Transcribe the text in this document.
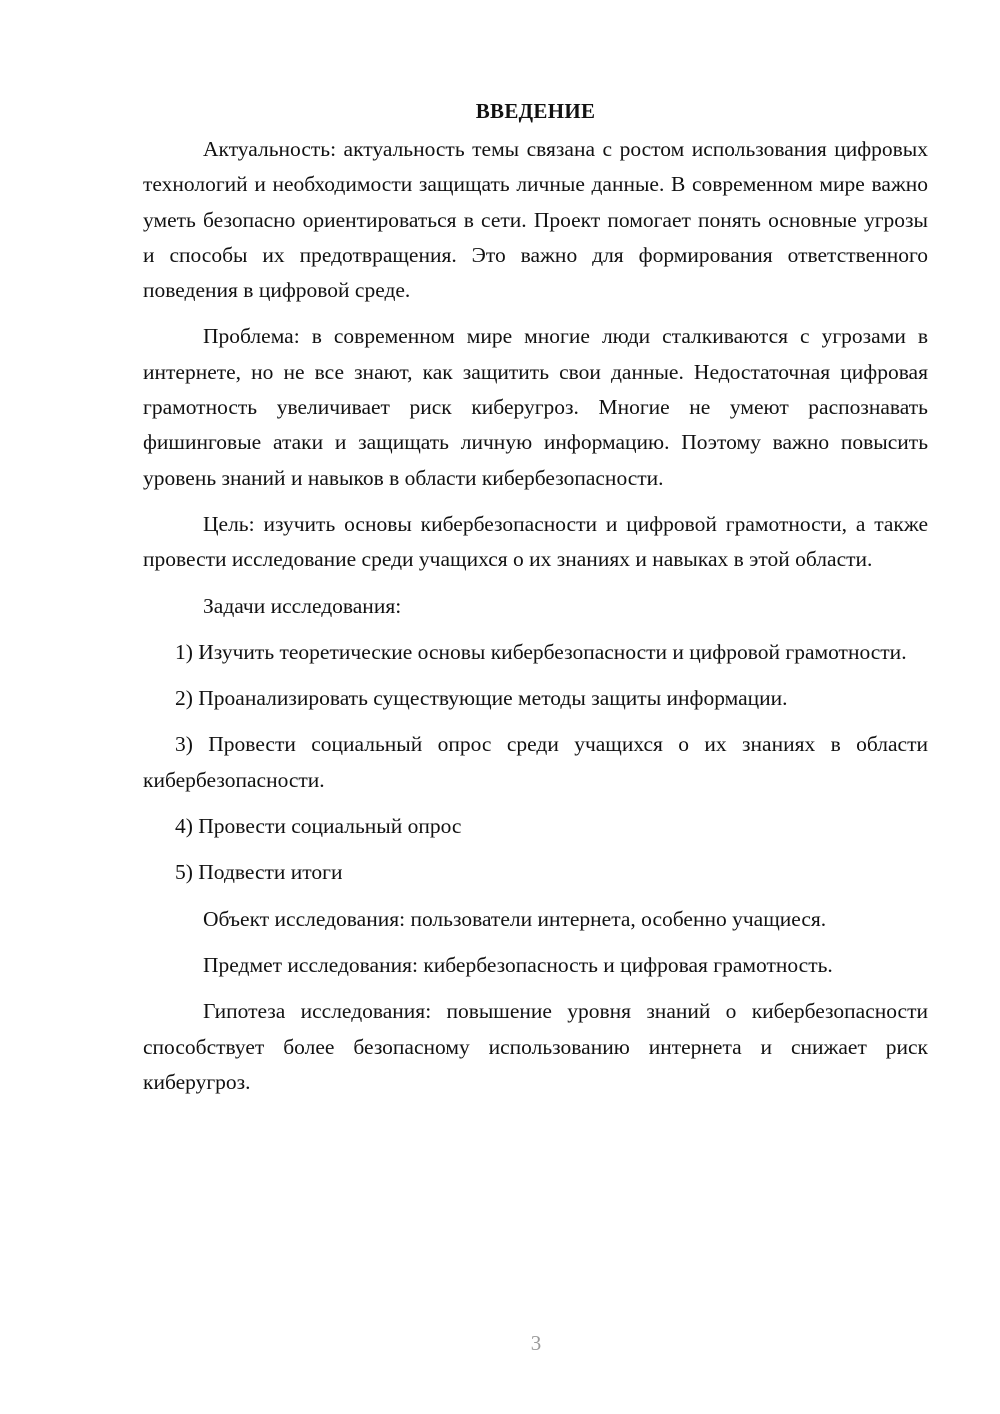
ВВЕДЕНИЕ

Актуальность: актуальность темы связана с ростом использования цифровых технологий и необходимости защищать личные данные. В современном мире важно уметь безопасно ориентироваться в сети. Проект помогает понять основные угрозы и способы их предотвращения. Это важно для формирования ответственного поведения в цифровой среде.

Проблема: в современном мире многие люди сталкиваются с угрозами в интернете, но не все знают, как защитить свои данные. Недостаточная цифровая грамотность увеличивает риск киберугроз. Многие не умеют распознавать фишинговые атаки и защищать личную информацию. Поэтому важно повысить уровень знаний и навыков в области кибербезопасности.

Цель: изучить основы кибербезопасности и цифровой грамотности, а также провести исследование среди учащихся о их знаниях и навыках в этой области.

Задачи исследования:

1) Изучить теоретические основы кибербезопасности и цифровой грамотности.

2) Проанализировать существующие методы защиты информации.

3) Провести социальный опрос среди учащихся о их знаниях в области кибербезопасности.

4) Провести социальный опрос

5) Подвести итоги

Объект исследования: пользователи интернета, особенно учащиеся.

Предмет исследования: кибербезопасность и цифровая грамотность.

Гипотеза исследования: повышение уровня знаний о кибербезопасности способствует более безопасному использованию интернета и снижает риск киберугроз.

3
